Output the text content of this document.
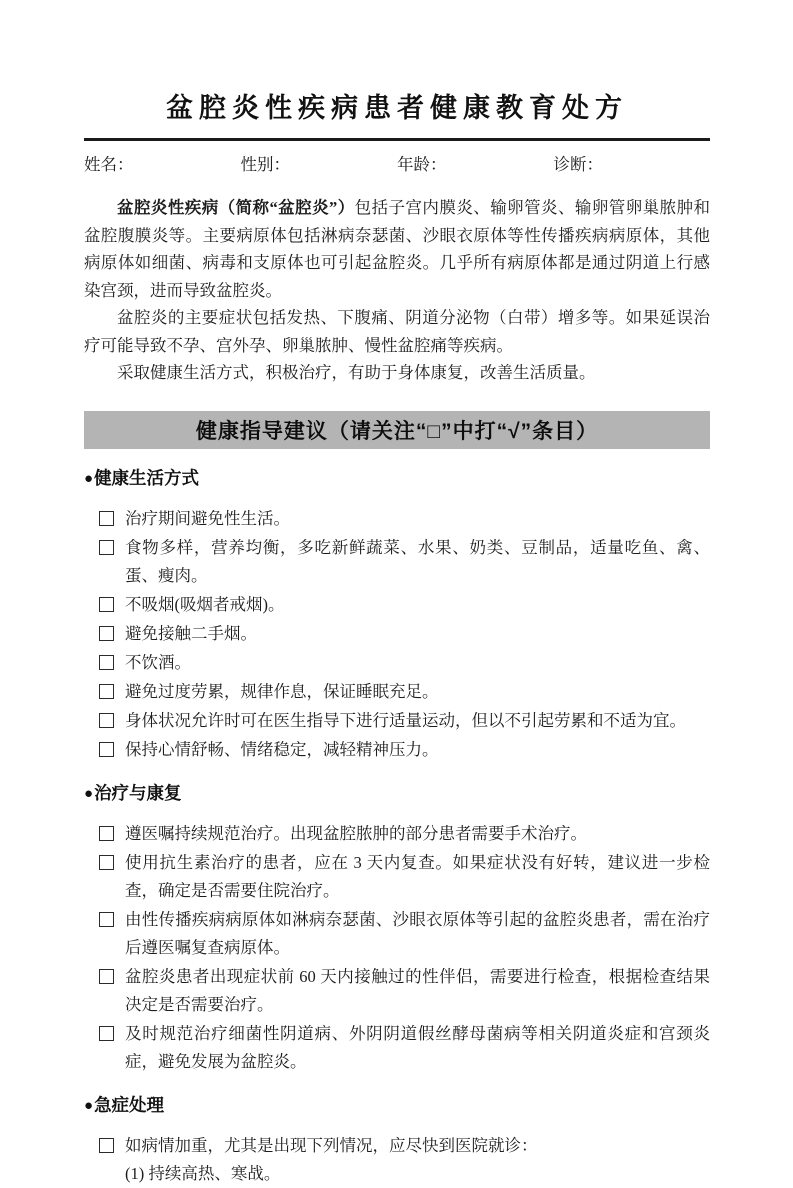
盆腔炎性疾病患者健康教育处方
姓名：	性别：	年龄：	诊断：

盆腔炎性疾病（简称“盆腔炎”）包括子宫内膜炎、输卵管炎、输卵管卵巢脓肿和盆腔腹膜炎等。主要病原体包括淋病奈瑟菌、沙眼衣原体等性传播疾病病原体，其他病原体如细菌、病毒和支原体也可引起盆腔炎。几乎所有病原体都是通过阴道上行感染宫颈，进而导致盆腔炎。

盆腔炎的主要症状包括发热、下腹痛、阴道分泌物（白带）增多等。如果延误治疗可能导致不孕、宫外孕、卵巢脓肿、慢性盆腔痛等疾病。

采取健康生活方式，积极治疗，有助于身体康复，改善生活质量。

健康指导建议（请关注“□”中打“√”条目）
●健康生活方式
治疗期间避免性生活。
食物多样，营养均衡，多吃新鲜蔬菜、水果、奶类、豆制品，适量吃鱼、禽、蛋、瘦肉。
不吸烟(吸烟者戒烟)。
避免接触二手烟。
不饮酒。
避免过度劳累，规律作息，保证睡眠充足。
身体状况允许时可在医生指导下进行适量运动，但以不引起劳累和不适为宜。
保持心情舒畅、情绪稳定，减轻精神压力。
●治疗与康复
遵医嘱持续规范治疗。出现盆腔脓肿的部分患者需要手术治疗。
使用抗生素治疗的患者，应在 3 天内复查。如果症状没有好转，建议进一步检查，确定是否需要住院治疗。
由性传播疾病病原体如淋病奈瑟菌、沙眼衣原体等引起的盆腔炎患者，需在治疗后遵医嘱复查病原体。
盆腔炎患者出现症状前 60 天内接触过的性伴侣，需要进行检查，根据检查结果决定是否需要治疗。
及时规范治疗细菌性阴道病、外阴阴道假丝酵母菌病等相关阴道炎症和宫颈炎症，避免发展为盆腔炎。
●急症处理
如病情加重，尤其是出现下列情况，应尽快到医院就诊：
(1) 持续高热、寒战。
